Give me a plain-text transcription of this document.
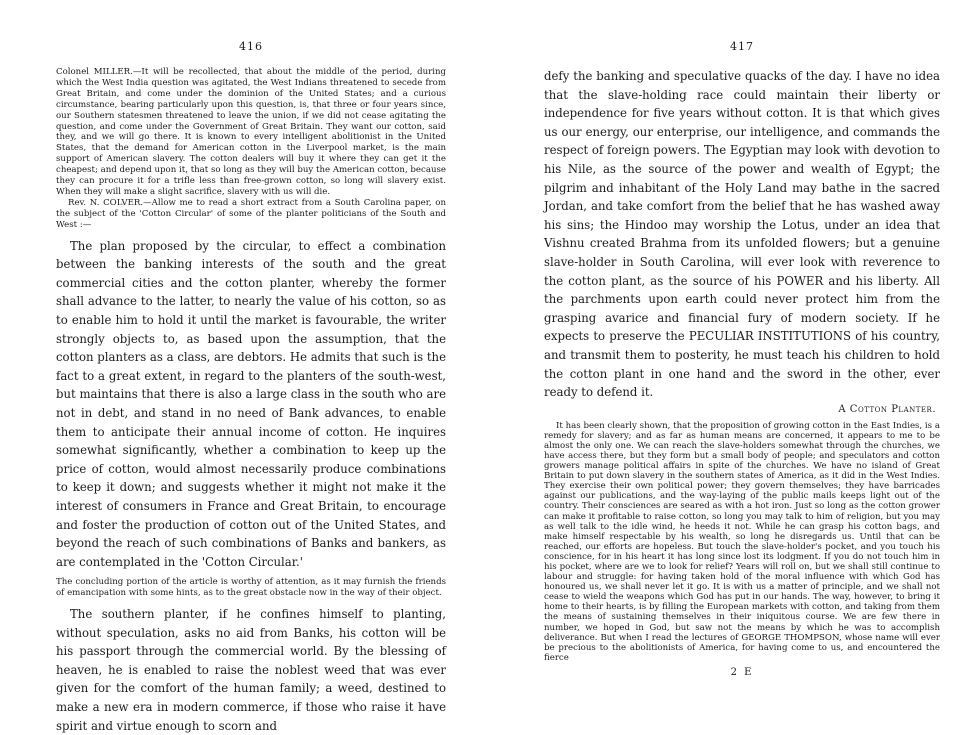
416

Colonel MILLER.—It will be recollected, that about the middle of the period, during which the West India question was agitated, the West Indians threatened to secede from Great Britain, and come under the dominion of the United States; and a curious circumstance, bearing particularly upon this question, is, that three or four years since, our Southern statesmen threatened to leave the union, if we did not cease agitating the question, and come under the Government of Great Britain. They want our cotton, said they, and we will go there. It is known to every intelligent abolitionist in the United States, that the demand for American cotton in the Liverpool market, is the main support of American slavery. The cotton dealers will buy it where they can get it the cheapest; and depend upon it, that so long as they will buy the American cotton, because they can procure it for a trifle less than free-grown cotton, so long will slavery exist. When they will make a slight sacrifice, slavery with us will die.

Rev. N. COLVER.—Allow me to read a short extract from a South Carolina paper, on the subject of the 'Cotton Circular' of some of the planter politicians of the South and West :—

The plan proposed by the circular, to effect a combination between the banking interests of the south and the great commercial cities and the cotton planter, whereby the former shall advance to the latter, to nearly the value of his cotton, so as to enable him to hold it until the market is favourable, the writer strongly objects to, as based upon the assumption, that the cotton planters as a class, are debtors. He admits that such is the fact to a great extent, in regard to the planters of the south-west, but maintains that there is also a large class in the south who are not in debt, and stand in no need of Bank advances, to enable them to anticipate their annual income of cotton. He inquires somewhat significantly, whether a combination to keep up the price of cotton, would almost necessarily produce combinations to keep it down; and suggests whether it might not make it the interest of consumers in France and Great Britain, to encourage and foster the production of cotton out of the United States, and beyond the reach of such combinations of Banks and bankers, as are contemplated in the 'Cotton Circular.'

The concluding portion of the article is worthy of attention, as it may furnish the friends of emancipation with some hints, as to the great obstacle now in the way of their object.

The southern planter, if he confines himself to planting, without speculation, asks no aid from Banks, his cotton will be his passport through the commercial world. By the blessing of heaven, he is enabled to raise the noblest weed that was ever given for the comfort of the human family; a weed, destined to make a new era in modern commerce, if those who raise it have spirit and virtue enough to scorn and

417

defy the banking and speculative quacks of the day. I have no idea that the slave-holding race could maintain their liberty or independence for five years without cotton. It is that which gives us our energy, our enterprise, our intelligence, and commands the respect of foreign powers. The Egyptian may look with devotion to his Nile, as the source of the power and wealth of Egypt; the pilgrim and inhabitant of the Holy Land may bathe in the sacred Jordan, and take comfort from the belief that he has washed away his sins; the Hindoo may worship the Lotus, under an idea that Vishnu created Brahma from its unfolded flowers; but a genuine slave-holder in South Carolina, will ever look with reverence to the cotton plant, as the source of his POWER and his liberty. All the parchments upon earth could never protect him from the grasping avarice and financial fury of modern society. If he expects to preserve the PECULIAR INSTITUTIONS of his country, and transmit them to posterity, he must teach his children to hold the cotton plant in one hand and the sword in the other, ever ready to defend it.

A Cotton Planter.

It has been clearly shown, that the proposition of growing cotton in the East Indies, is a remedy for slavery; and as far as human means are concerned, it appears to me to be almost the only one. We can reach the slave-holders somewhat through the churches, we have access there, but they form but a small body of people; and speculators and cotton growers manage political affairs in spite of the churches. We have no island of Great Britain to put down slavery in the southern states of America, as it did in the West Indies. They exercise their own political power; they govern themselves; they have barricades against our publications, and the way-laying of the public mails keeps light out of the country. Their consciences are seared as with a hot iron. Just so long as the cotton grower can make it profitable to raise cotton, so long you may talk to him of religion, but you may as well talk to the idle wind, he heeds it not. While he can grasp his cotton bags, and make himself respectable by his wealth, so long he disregards us. Until that can be reached, our efforts are hopeless. But touch the slave-holder's pocket, and you touch his conscience, for in his heart it has long since lost its lodgment. If you do not touch him in his pocket, where are we to look for relief? Years will roll on, but we shall still continue to labour and struggle: for having taken hold of the moral influence with which God has honoured us, we shall never let it go. It is with us a matter of principle, and we shall not cease to wield the weapons which God has put in our hands. The way, however, to bring it home to their hearts, is by filling the European markets with cotton, and taking from them the means of sustaining themselves in their iniquitous course. We are few there in number, we hoped in God, but saw not the means by which he was to accomplish deliverance. But when I read the lectures of GEORGE THOMPSON, whose name will ever be precious to the abolitionists of America, for having come to us, and encountered the fierce

2 E
